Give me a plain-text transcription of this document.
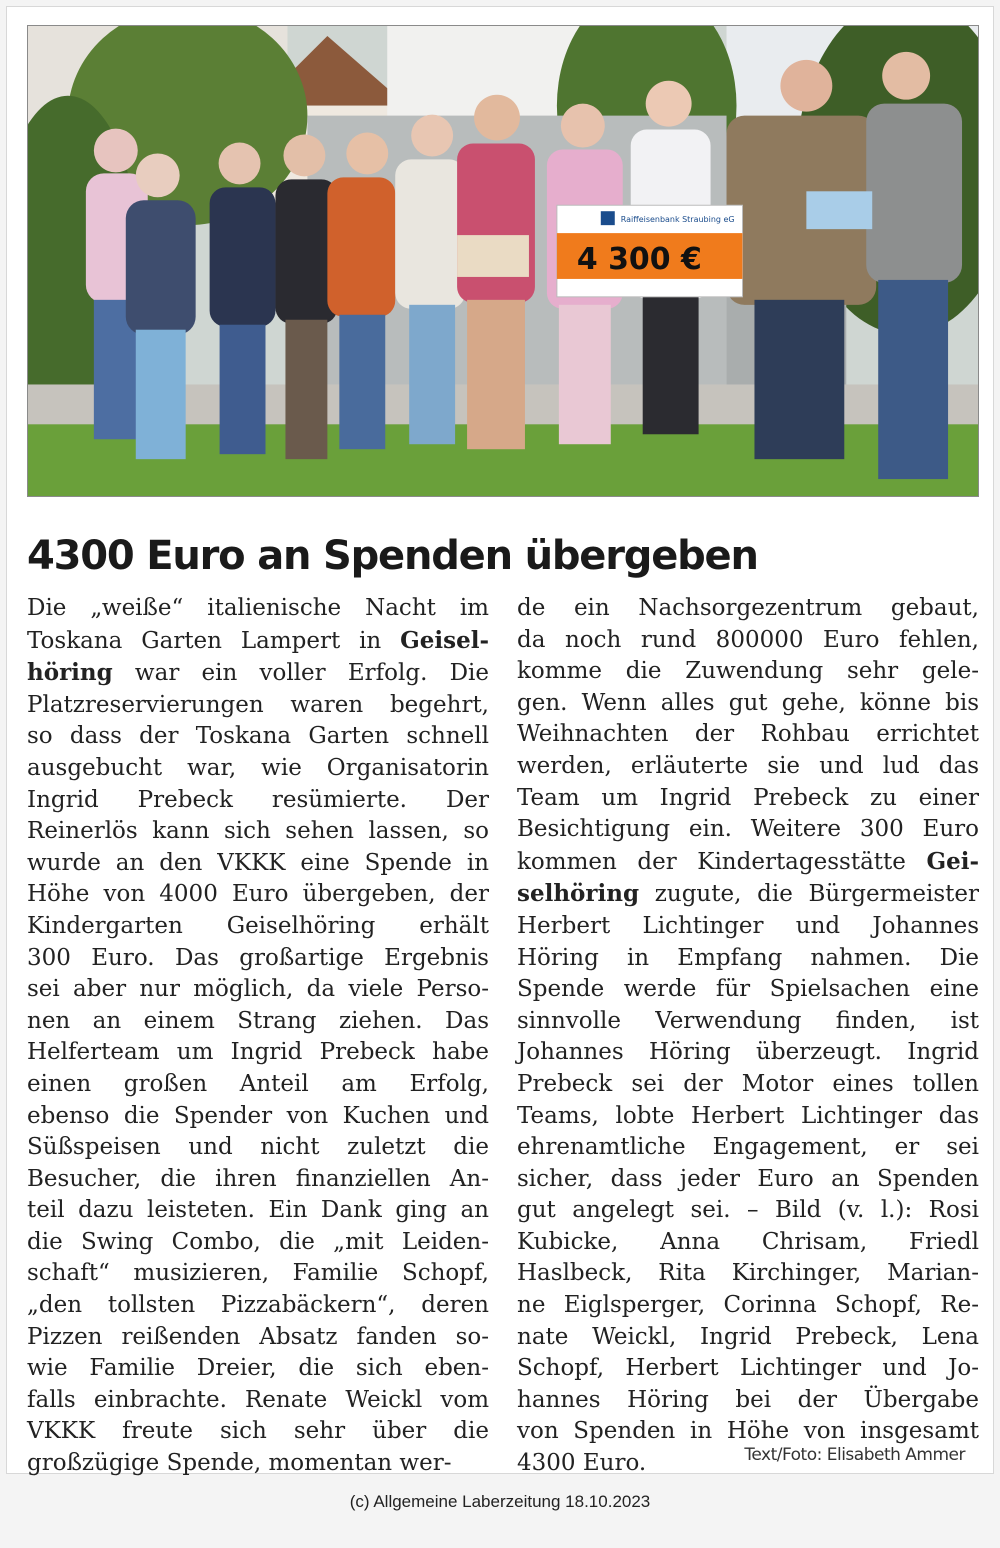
Raiffeisenbank Straubing eG
4 300 €
4300 Euro an Spenden übergeben
Die „weiße“ italienische Nacht im
Toskana Garten Lampert in Geisel-
höring war ein voller Erfolg. Die
Platzreservierungen waren begehrt,
so dass der Toskana Garten schnell
ausgebucht war, wie Organisatorin
Ingrid Prebeck resümierte. Der
Reinerlös kann sich sehen lassen, so
wurde an den VKKK eine Spende in
Höhe von 4000 Euro übergeben, der
Kindergarten Geiselhöring erhält
300 Euro. Das großartige Ergebnis
sei aber nur möglich, da viele Perso-
nen an einem Strang ziehen. Das
Helferteam um Ingrid Prebeck habe
einen großen Anteil am Erfolg,
ebenso die Spender von Kuchen und
Süßspeisen und nicht zuletzt die
Besucher, die ihren finanziellen An-
teil dazu leisteten. Ein Dank ging an
die Swing Combo, die „mit Leiden-
schaft“ musizieren, Familie Schopf,
„den tollsten Pizzabäckern“, deren
Pizzen reißenden Absatz fanden so-
wie Familie Dreier, die sich eben-
falls einbrachte. Renate Weickl vom
VKKK freute sich sehr über die
großzügige Spende, momentan wer-
de ein Nachsorgezentrum gebaut,
da noch rund 800000 Euro fehlen,
komme die Zuwendung sehr gele-
gen. Wenn alles gut gehe, könne bis
Weihnachten der Rohbau errichtet
werden, erläuterte sie und lud das
Team um Ingrid Prebeck zu einer
Besichtigung ein. Weitere 300 Euro
kommen der Kindertagesstätte Gei-
selhöring zugute, die Bürgermeister
Herbert Lichtinger und Johannes
Höring in Empfang nahmen. Die
Spende werde für Spielsachen eine
sinnvolle Verwendung finden, ist
Johannes Höring überzeugt. Ingrid
Prebeck sei der Motor eines tollen
Teams, lobte Herbert Lichtinger das
ehrenamtliche Engagement, er sei
sicher, dass jeder Euro an Spenden
gut angelegt sei. – Bild (v. l.): Rosi
Kubicke, Anna Chrisam, Friedl
Haslbeck, Rita Kirchinger, Marian-
ne Eiglsperger, Corinna Schopf, Re-
nate Weickl, Ingrid Prebeck, Lena
Schopf, Herbert Lichtinger und Jo-
hannes Höring bei der Übergabe
von Spenden in Höhe von insgesamt
4300 Euro.	Text/Foto: Elisabeth Ammer
(c) Allgemeine Laberzeitung 18.10.2023
